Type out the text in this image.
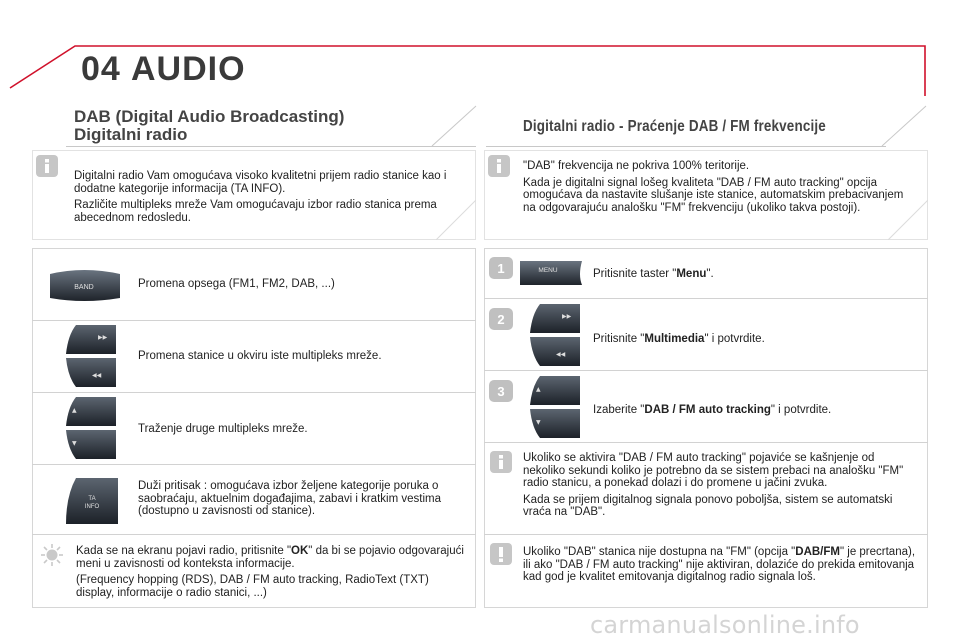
04 AUDIO
DAB (Digital Audio Broadcasting)
Digitalni radio

Digitalni radio Vam omogućava visoko kvalitetni prijem radio stanice kao i dodatne kategorije informacija (TA INFO).

Različite multipleks mreže Vam omogućavaju izbor radio stanica prema abecednom redosledu.

BAND	Promena opsega (FM1, FM2, DAB, ...)
▶▶
◀◀
Promena stanice u okviru iste multipleks mreže.
▲
▼
Traženje druge multipleks mreže.
TA
INFO
Duži pritisak : omogućava izbor željene kategorije poruka o saobraćaju, aktuelnim događajima, zabavi i kratkim vestima (dostupno u zavisnosti od stanice).

Kada se na ekranu pojavi radio, pritisnite "OK" da bi se pojavio odgovarajući meni u zavisnosti od konteksta informacije.

(Frequency hopping (RDS), DAB / FM auto tracking, RadioText (TXT) display, informacije o radio stanici, ...)

Digitalni radio - Praćenje DAB / FM frekvencije

"DAB" frekvencija ne pokriva 100% teritorije.

Kada je digitalni signal lošeg kvaliteta "DAB / FM auto tracking" opcija omogućava da nastavite slušanje iste stanice, automatskim prebacivanjem na odgovarajuću analošku "FM" frekvenciju (ukoliko takva postoji).

1	MENU	Pritisnite taster "Menu".
2	▶▶
◀◀
Pritisnite "Multimedia" i potvrdite.
3	▲
▼
Izaberite "DAB / FM auto tracking" i potvrdite.

Ukoliko se aktivira "DAB / FM auto tracking" pojaviće se kašnjenje od nekoliko sekundi koliko je potrebno da se sistem prebaci na analošku "FM" radio stanicu, a ponekad dolazi i do promene u jačini zvuka.

Kada se prijem digitalnog signala ponovo poboljša, sistem se automatski vraća na "DAB".

Ukoliko "DAB" stanica nije dostupna na "FM" (opcija "DAB/FM" je precrtana), ili ako "DAB / FM auto tracking" nije aktiviran, dolaziće do prekida emitovanja kad god je kvalitet emitovanja digitalnog radio signala loš.
carmanualsonline.info
